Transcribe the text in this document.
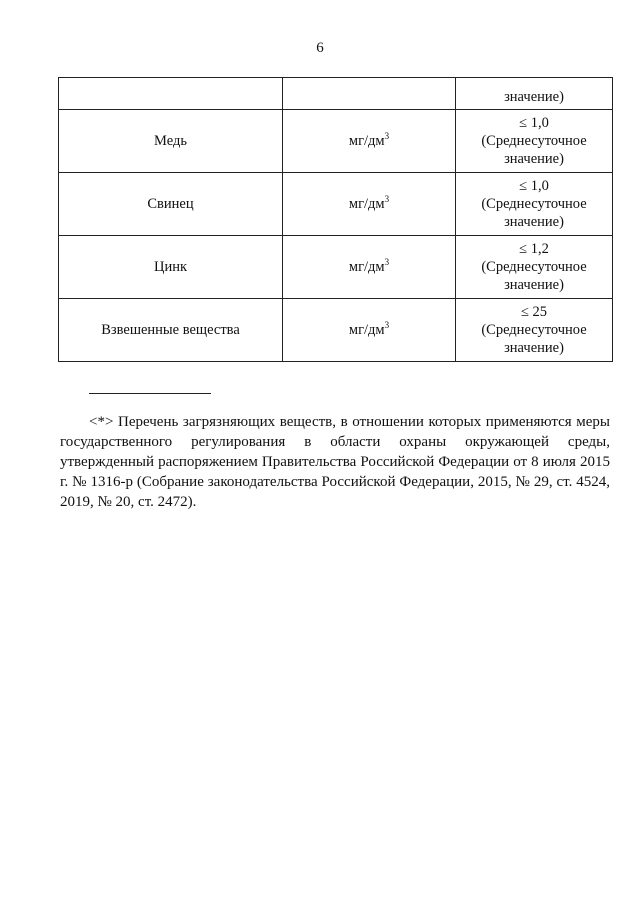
6
		значение)
Медь	$мг/дм^3$	≤ 1,0
(Среднесуточное
значение)

Свинец	$мг/дм^3$	≤ 1,0
(Среднесуточное
значение)

Цинк	$мг/дм^3$	≤ 1,2
(Среднесуточное
значение)

Взвешенные вещества	$мг/дм^3$	≤ 25
(Среднесуточное
значение)

<*> Перечень загрязняющих веществ, в отношении которых применяются меры государственного регулирования в области охраны окружающей среды, утвержденный распоряжением Правительства Российской Федерации от 8 июля 2015 г. № 1316-р (Собрание законодательства Российской Федерации, 2015, № 29, ст. 4524, 2019, № 20, ст. 2472).
